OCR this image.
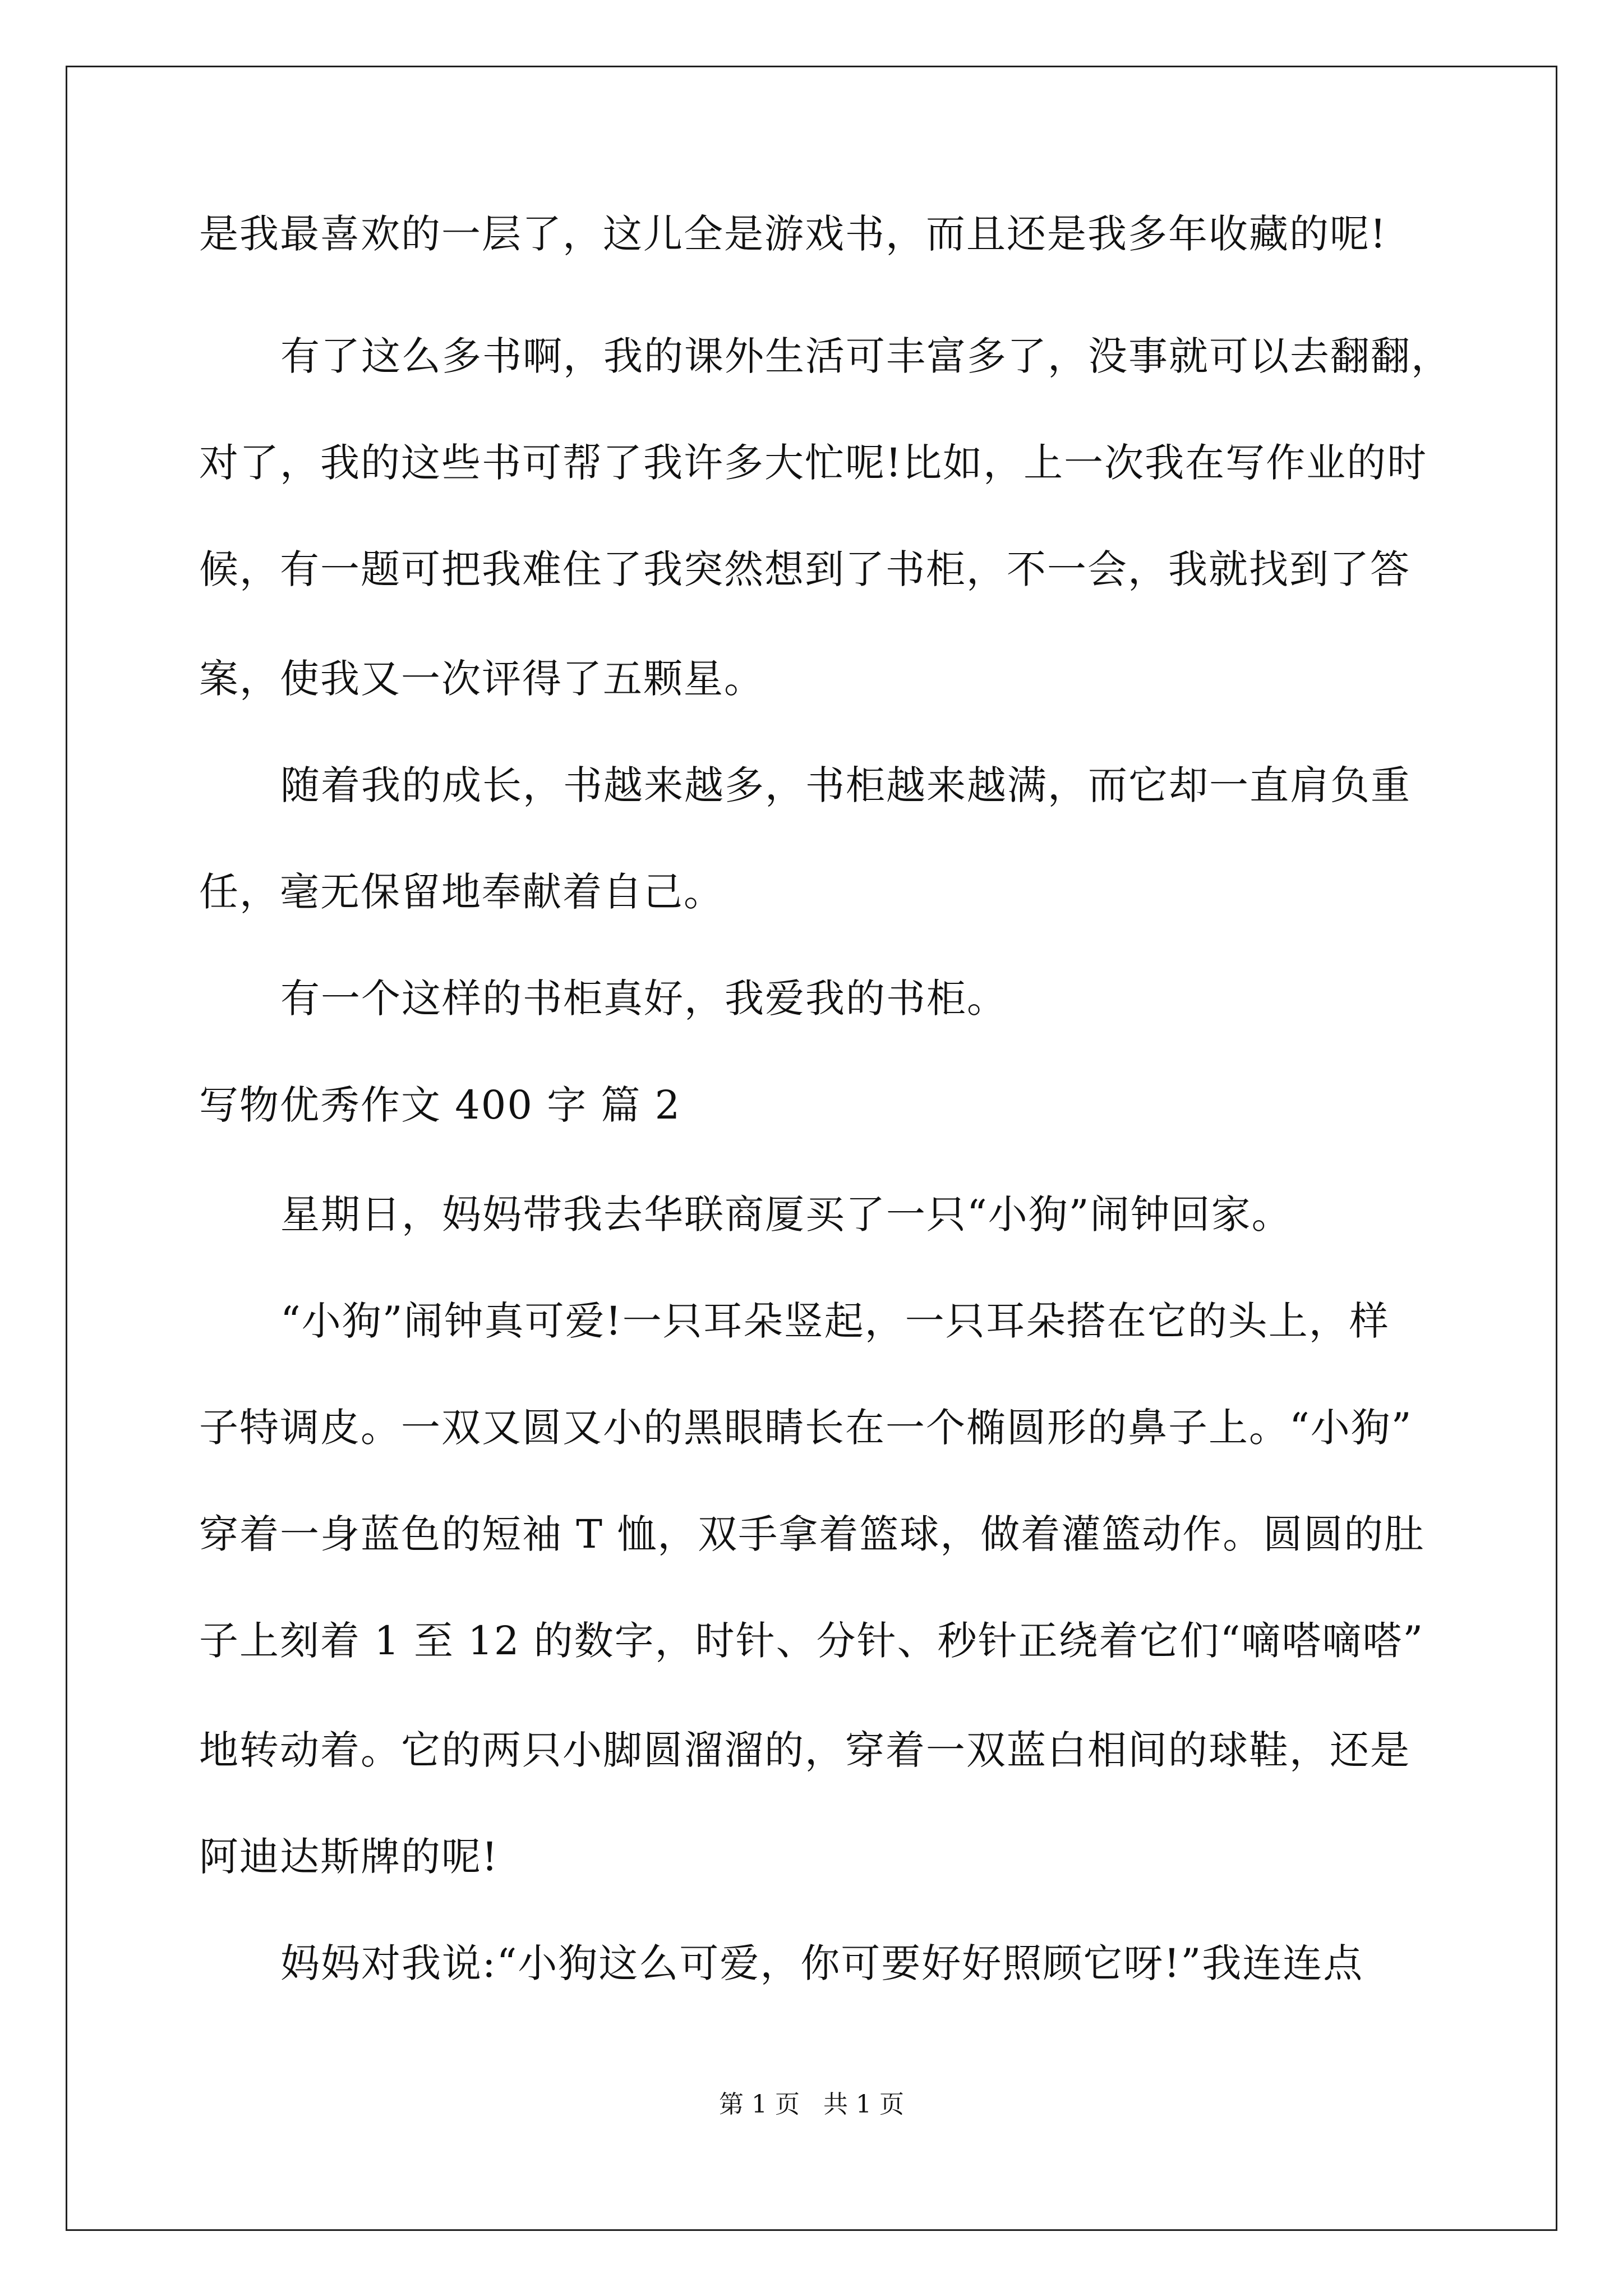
是我最喜欢的一层了，这儿全是游戏书，而且还是我多年收藏的呢!
有了这么多书啊，我的课外生活可丰富多了，没事就可以去翻翻，
对了，我的这些书可帮了我许多大忙呢!比如，上一次我在写作业的时
候，有一题可把我难住了我突然想到了书柜，不一会，我就找到了答
案，使我又一次评得了五颗星。
随着我的成长，书越来越多，书柜越来越满，而它却一直肩负重
任，毫无保留地奉献着自己。
有一个这样的书柜真好，我爱我的书柜。
写物优秀作文 400 字 篇 2
星期日，妈妈带我去华联商厦买了一只“小狗”闹钟回家。
“小狗”闹钟真可爱!一只耳朵竖起，一只耳朵搭在它的头上，样
子特调皮。一双又圆又小的黑眼睛长在一个椭圆形的鼻子上。“小狗”
穿着一身蓝色的短袖 T 恤，双手拿着篮球，做着灌篮动作。圆圆的肚
子上刻着 1 至 12 的数字，时针、分针、秒针正绕着它们“嘀嗒嘀嗒”
地转动着。它的两只小脚圆溜溜的，穿着一双蓝白相间的球鞋，还是
阿迪达斯牌的呢!
妈妈对我说:“小狗这么可爱，你可要好好照顾它呀!”我连连点
第 1 页   共 1 页
